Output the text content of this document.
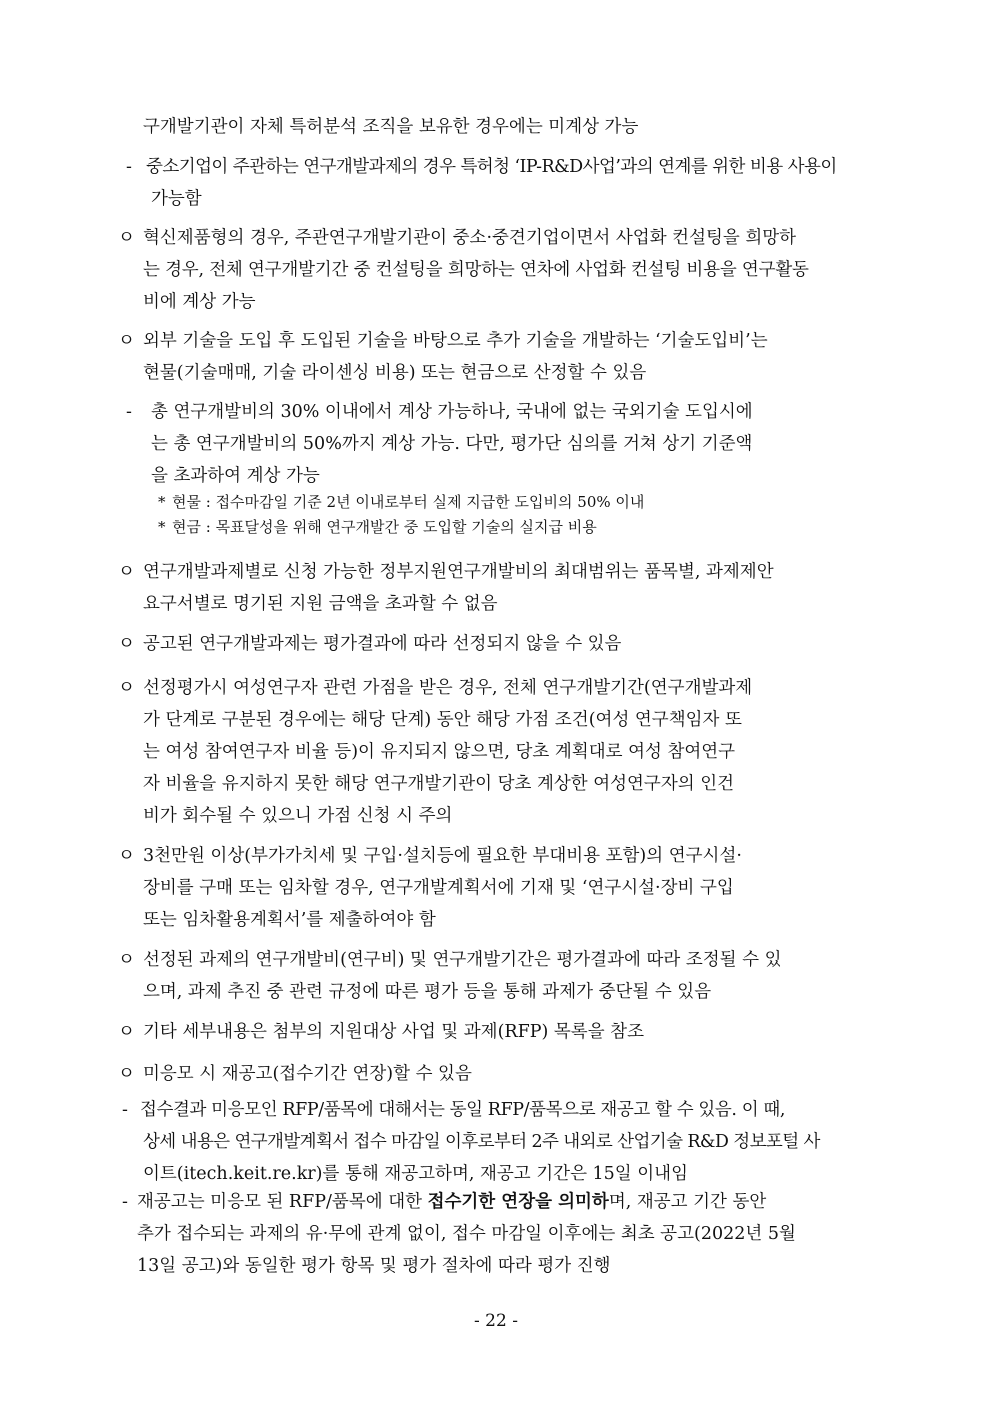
구개발기관이 자체 특허분석 조직을 보유한 경우에는 미계상 가능
- 중소기업이 주관하는 연구개발과제의 경우 특허청 ‘IP-R&D사업’과의 연계를 위한 비용 사용이
가능함
ㅇ 혁신제품형의 경우, 주관연구개발기관이 중소·중견기업이면서 사업화 컨설팅을 희망하
는 경우, 전체 연구개발기간 중 컨설팅을 희망하는 연차에 사업화 컨설팅 비용을 연구활동
비에 계상 가능
ㅇ 외부 기술을 도입 후 도입된 기술을 바탕으로 추가 기술을 개발하는 ‘기술도입비’는
현물(기술매매, 기술 라이센싱 비용) 또는 현금으로 산정할 수 있음
- 총 연구개발비의 30% 이내에서 계상 가능하나, 국내에 없는 국외기술 도입시에
는 총 연구개발비의 50%까지 계상 가능. 다만, 평가단 심의를 거쳐 상기 기준액
을 초과하여 계상 가능
* 현물 : 접수마감일 기준 2년 이내로부터 실제 지급한 도입비의 50% 이내
* 현금 : 목표달성을 위해 연구개발간 중 도입할 기술의 실지급 비용
ㅇ 연구개발과제별로 신청 가능한 정부지원연구개발비의 최대범위는 품목별, 과제제안
요구서별로 명기된 지원 금액을 초과할 수 없음
ㅇ 공고된 연구개발과제는 평가결과에 따라 선정되지 않을 수 있음
ㅇ 선정평가시 여성연구자 관련 가점을 받은 경우, 전체 연구개발기간(연구개발과제
가 단계로 구분된 경우에는 해당 단계) 동안 해당 가점 조건(여성 연구책임자 또
는 여성 참여연구자 비율 등)이 유지되지 않으면, 당초 계획대로 여성 참여연구
자 비율을 유지하지 못한 해당 연구개발기관이 당초 계상한 여성연구자의 인건
비가 회수될 수 있으니 가점 신청 시 주의
ㅇ 3천만원 이상(부가가치세 및 구입·설치등에 필요한 부대비용 포함)의 연구시설·
장비를 구매 또는 임차할 경우, 연구개발계획서에 기재 및 ‘연구시설·장비 구입
또는 임차활용계획서’를 제출하여야 함
ㅇ 선정된 과제의 연구개발비(연구비) 및 연구개발기간은 평가결과에 따라 조정될 수 있
으며, 과제 추진 중 관련 규정에 따른 평가 등을 통해 과제가 중단될 수 있음
ㅇ 기타 세부내용은 첨부의 지원대상 사업 및 과제(RFP) 목록을 참조
ㅇ 미응모 시 재공고(접수기간 연장)할 수 있음
- 접수결과 미응모인 RFP/품목에 대해서는 동일 RFP/품목으로 재공고 할 수 있음. 이 때,
상세 내용은 연구개발계획서 접수 마감일 이후로부터 2주 내외로 산업기술 R&D 정보포털 사
이트(itech.keit.re.kr)를 통해 재공고하며, 재공고 기간은 15일 이내임
- 재공고는 미응모 된 RFP/품목에 대한 접수기한 연장을 의미하며, 재공고 기간 동안
추가 접수되는 과제의 유·무에 관계 없이, 접수 마감일 이후에는 최초 공고(2022년 5월
13일 공고)와 동일한 평가 항목 및 평가 절차에 따라 평가 진행
- 22 -
